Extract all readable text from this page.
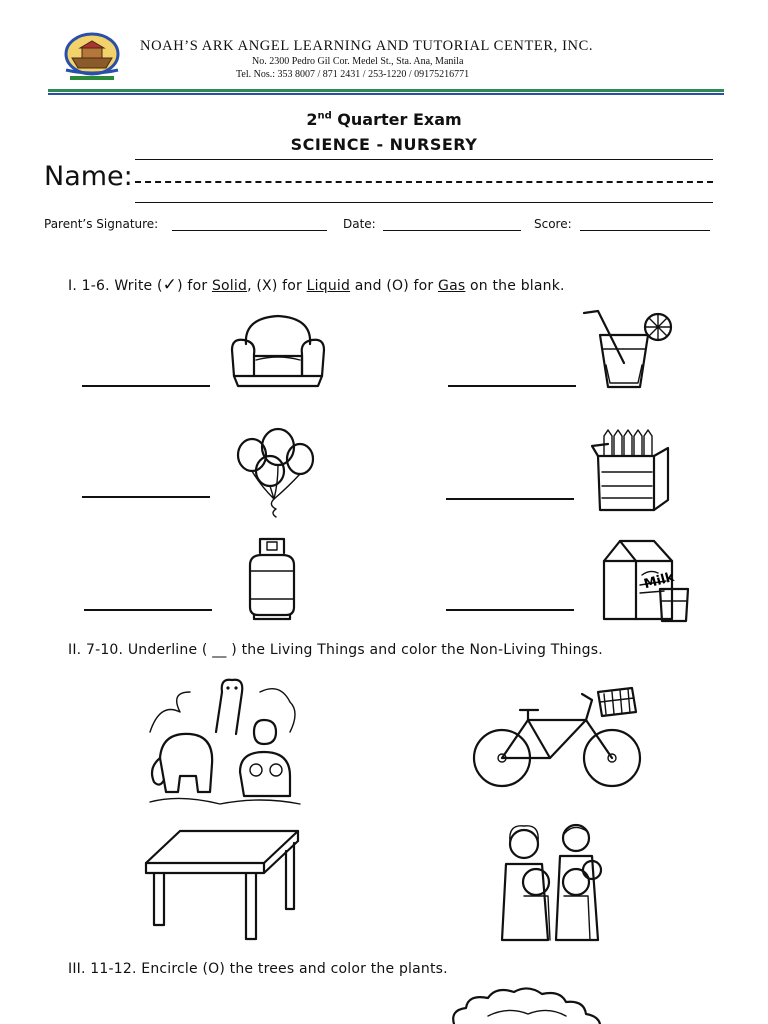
NOAH’S ARK ANGEL LEARNING AND TUTORIAL CENTER, INC.
No. 2300 Pedro Gil Cor. Medel St., Sta. Ana, Manila
Tel. Nos.: 353 8007 / 871 2431 / 253-1220 / 09175216771
2nd Quarter Exam
SCIENCE - NURSERY
Name:
Parent’s Signature:	Date:	Score:
I. 1-6. Write (✓) for Solid, (X) for Liquid and (O) for Gas on the blank.
Milk
II. 7-10. Underline ( __ ) the Living Things and color the Non-Living Things.
III. 11-12. Encircle (O) the trees and color the plants.
